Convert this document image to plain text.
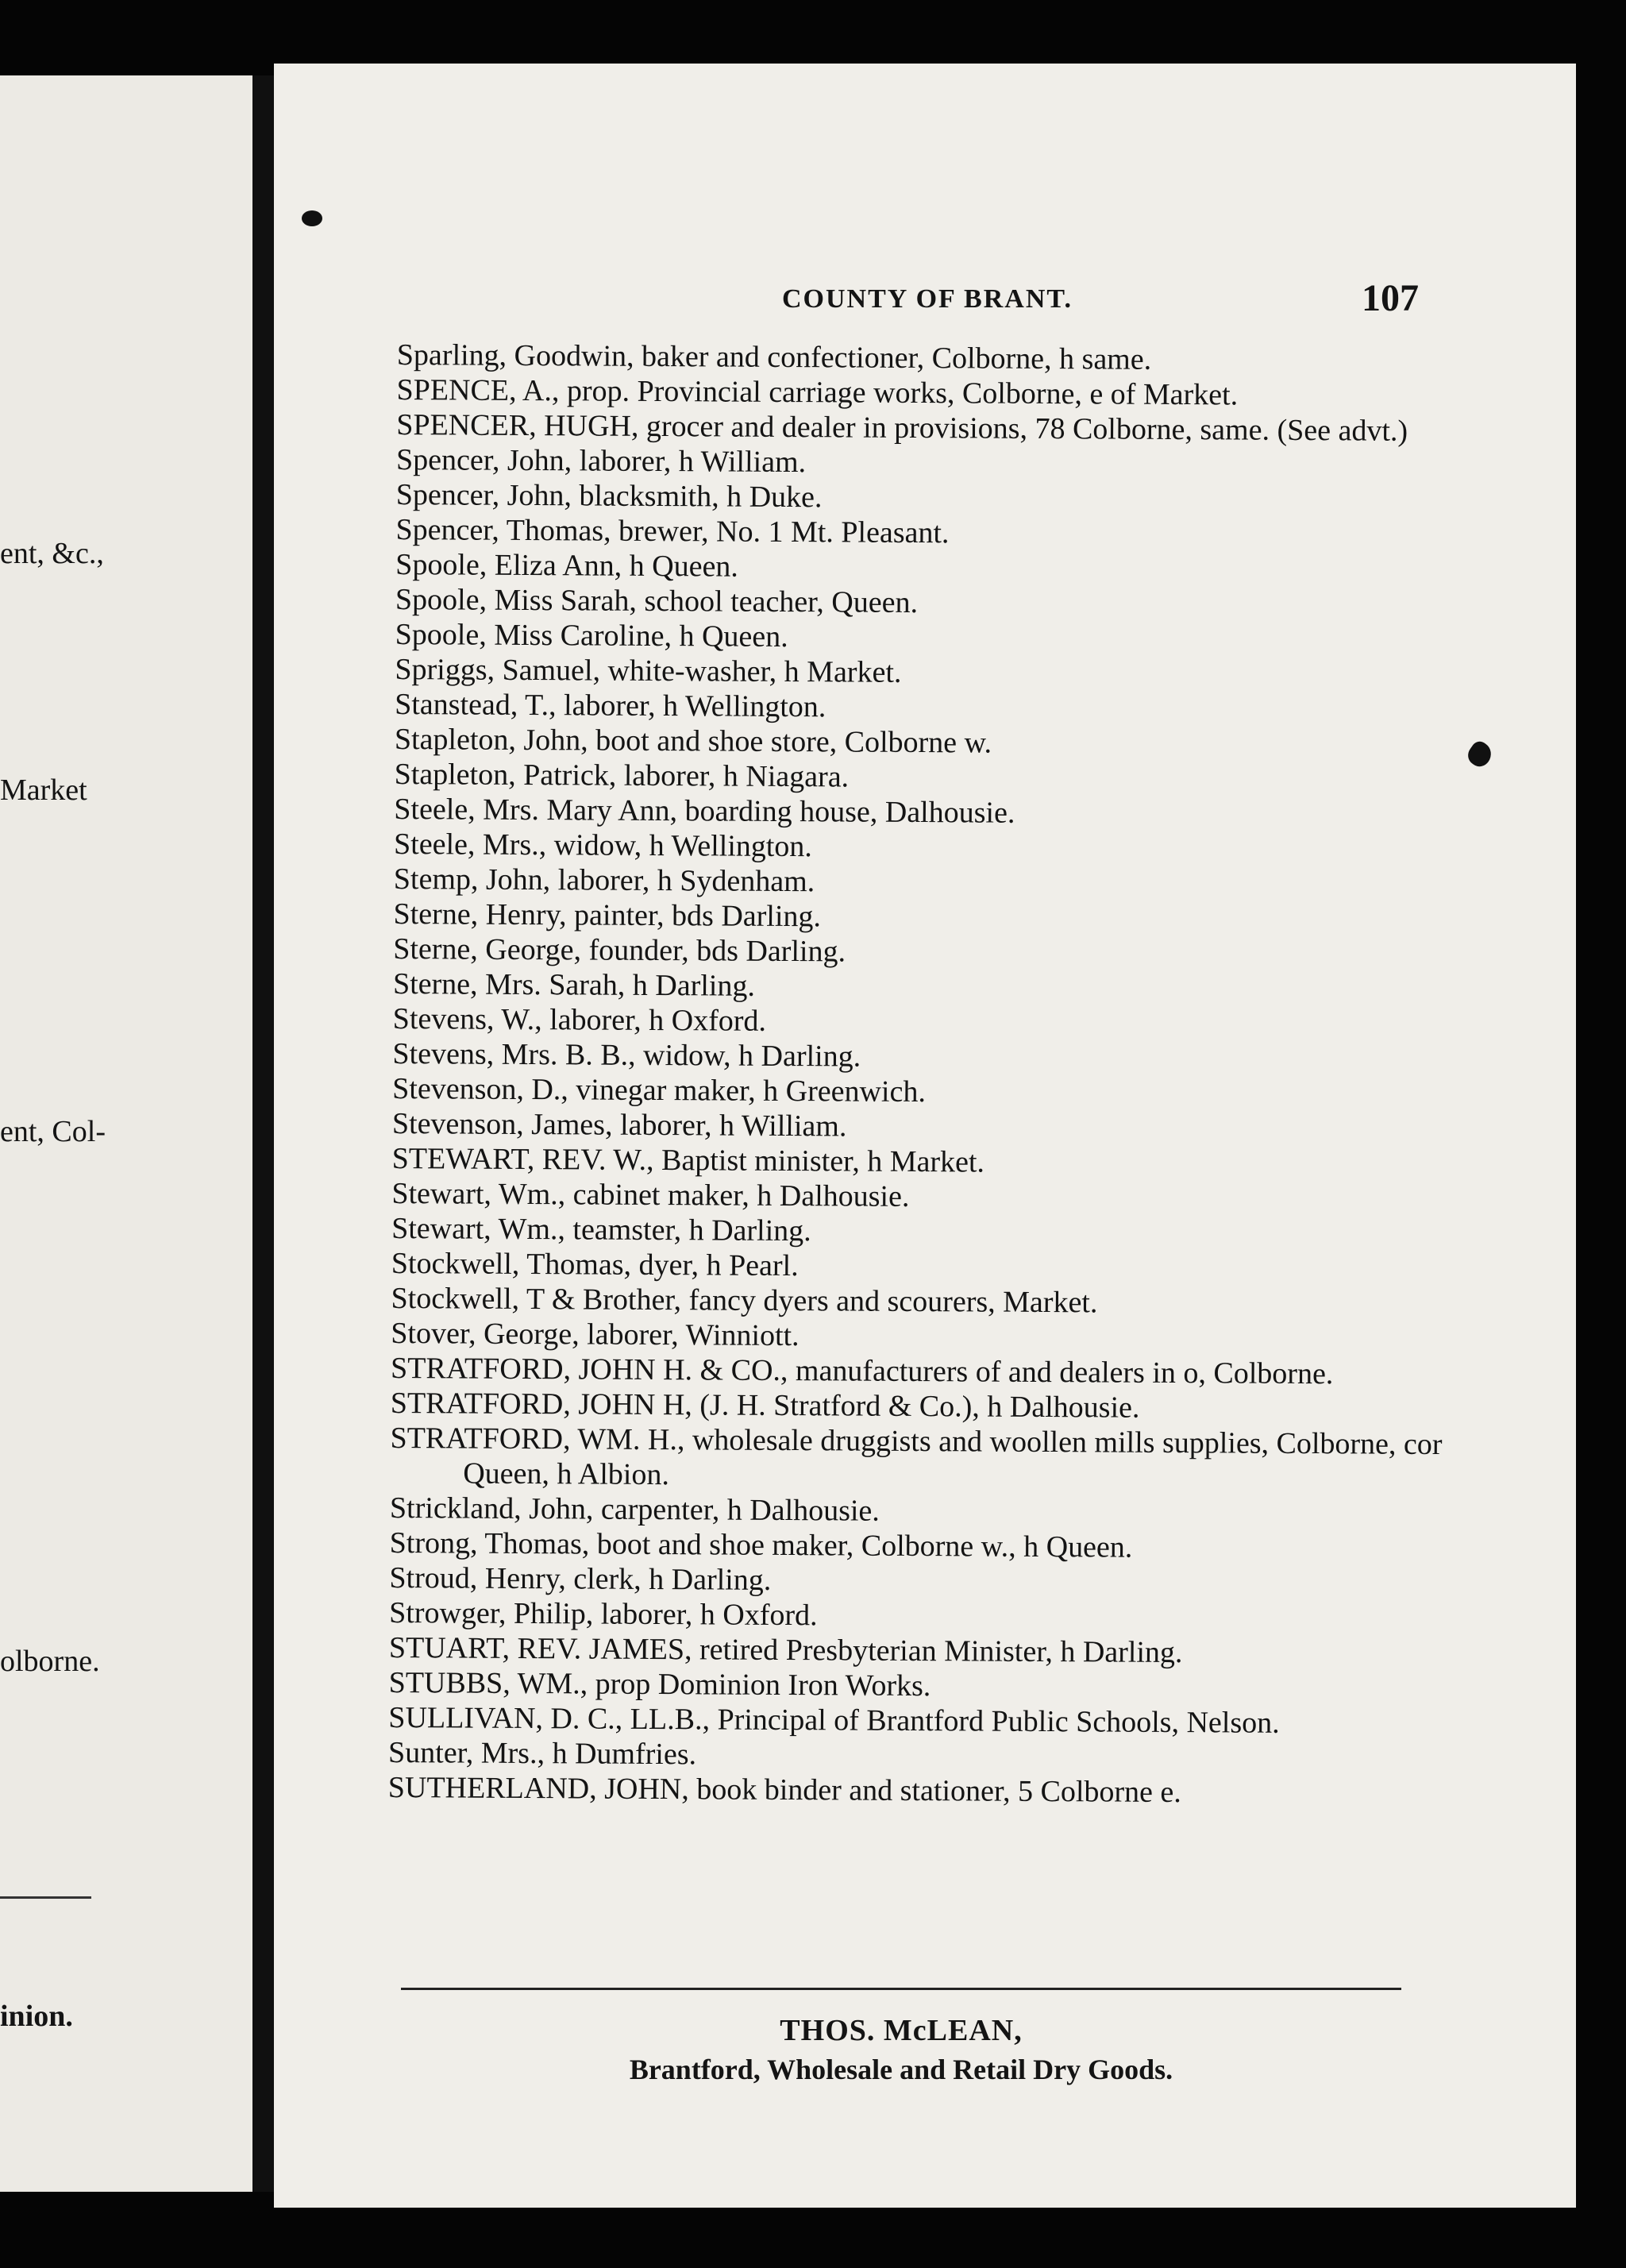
ent, &c.,
Market
ent, Col-
olborne.
inion.
COUNTY OF BRANT.	107
Sparling, Goodwin, baker and confectioner, Colborne, h same.
SPENCE, A., prop. Provincial carriage works, Colborne, e of Market.
SPENCER, HUGH, grocer and dealer in provisions, 78 Colborne, same. (See advt.)
Spencer, John, laborer, h William.
Spencer, John, blacksmith, h Duke.
Spencer, Thomas, brewer, No. 1 Mt. Pleasant.
Spoole, Eliza Ann, h Queen.
Spoole, Miss Sarah, school teacher, Queen.
Spoole, Miss Caroline, h Queen.
Spriggs, Samuel, white-washer, h Market.
Stanstead, T., laborer, h Wellington.
Stapleton, John, boot and shoe store, Colborne w.
Stapleton, Patrick, laborer, h Niagara.
Steele, Mrs. Mary Ann, boarding house, Dalhousie.
Steele, Mrs., widow, h Wellington.
Stemp, John, laborer, h Sydenham.
Sterne, Henry, painter, bds Darling.
Sterne, George, founder, bds Darling.
Sterne, Mrs. Sarah, h Darling.
Stevens, W., laborer, h Oxford.
Stevens, Mrs. B. B., widow, h Darling.
Stevenson, D., vinegar maker, h Greenwich.
Stevenson, James, laborer, h William.
STEWART, REV. W., Baptist minister, h Market.
Stewart, Wm., cabinet maker, h Dalhousie.
Stewart, Wm., teamster, h Darling.
Stockwell, Thomas, dyer, h Pearl.
Stockwell, T & Brother, fancy dyers and scourers, Market.
Stover, George, laborer, Winniott.
STRATFORD, JOHN H. & CO., manufacturers of and dealers in o, Colborne.
STRATFORD, JOHN H, (J. H. Stratford & Co.), h Dalhousie.
STRATFORD, WM. H., wholesale druggists and woollen mills supplies, Colborne, cor Queen, h Albion.
Strickland, John, carpenter, h Dalhousie.
Strong, Thomas, boot and shoe maker, Colborne w., h Queen.
Stroud, Henry, clerk, h Darling.
Strowger, Philip, laborer, h Oxford.
STUART, REV. JAMES, retired Presbyterian Minister, h Darling.
STUBBS, WM., prop Dominion Iron Works.
SULLIVAN, D. C., LL.B., Principal of Brantford Public Schools, Nelson.
Sunter, Mrs., h Dumfries.
SUTHERLAND, JOHN, book binder and stationer, 5 Colborne e.
THOS. McLEAN,
Brantford, Wholesale and Retail Dry Goods.
